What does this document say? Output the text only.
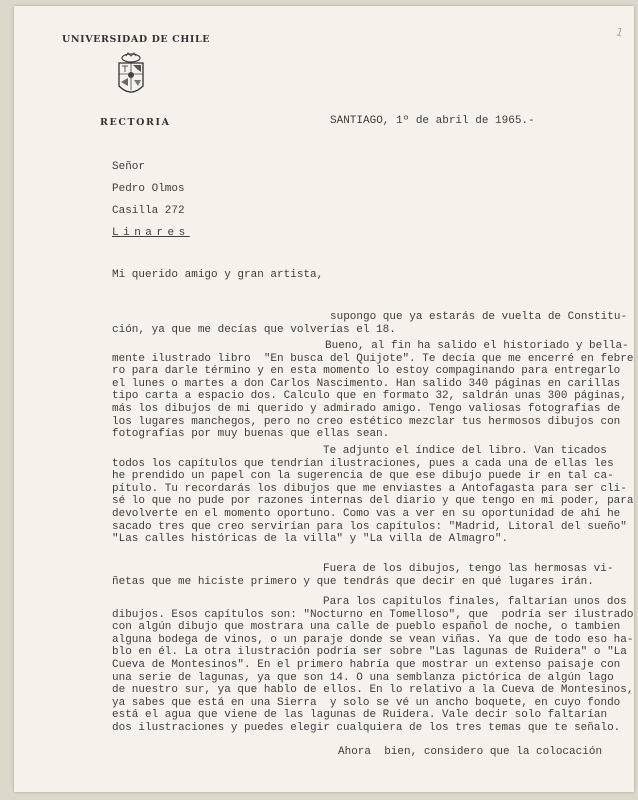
1
UNIVERSIDAD DE CHILE
RECTORIA	SANTIAGO, 1º de abril de 1965.-
Señor
Pedro Olmos
Casilla 272
Linares
Mi querido amigo y gran artista,
supongo que ya estarás de vuelta de Constitu-
ción, ya que me decías que volverías el 18.
Bueno, al fin ha salido el historiado y bella-
mente ilustrado libro  "En busca del Quijote". Te decía que me encerré en febre
ro para darle término y en esta momento lo estoy compaginando para entregarlo
el lunes o martes a don Carlos Nascimento. Han salido 340 páginas en carillas
tipo carta a espacio dos. Calculo que en formato 32, saldrán unas 300 páginas,
más los dibujos de mi querido y admirado amigo. Tengo valiosas fotografías de
los lugares manchegos, pero no creo estético mezclar tus hermosos dibujos con
fotografías por muy buenas que ellas sean.
Te adjunto el índice del libro. Van ticados
todos los capítulos que tendrían ilustraciones, pues a cada una de ellas les
he prendido un papel con la sugerencia de que ese dibujo puede ir en tal ca-
pítulo. Tu recordarás los dibujos que me enviastes a Antofagasta para ser cli-
sé lo que no pude por razones internas del diario y que tengo en mi poder, para
devolverte en el momento oportuno. Como vas a ver en su oportunidad de ahí he
sacado tres que creo servirían para los capítulos: "Madrid, Litoral del sueño"
"Las calles históricas de la villa" y "La villa de Almagro".
Fuera de los dibujos, tengo las hermosas vi-
ñetas que me hiciste primero y que tendrás que decir en qué lugares irán.
Para los capítulos finales, faltarían unos dos
dibujos. Esos capítulos son: "Nocturno en Tomelloso", que  podría ser ilustrado
con algún dibujo que mostrara una calle de pueblo español de noche, o tambien
alguna bodega de vinos, o un paraje donde se vean viñas. Ya que de todo eso ha-
blo en él. La otra ilustración podría ser sobre "Las lagunas de Ruidera" o "La
Cueva de Montesinos". En el primero habría que mostrar un extenso paisaje con
una serie de lagunas, ya que son 14. O una semblanza pictórica de algún lago
de nuestro sur, ya que hablo de ellos. En lo relativo a la Cueva de Montesinos,
ya sabes que está en una Sierra  y solo se vé un ancho boquete, en cuyo fondo
está el agua que viene de las lagunas de Ruidera. Vale decir solo faltarían
dos ilustraciones y puedes elegir cualquiera de los tres temas que te señalo.
Ahora  bien, considero que la colocación
